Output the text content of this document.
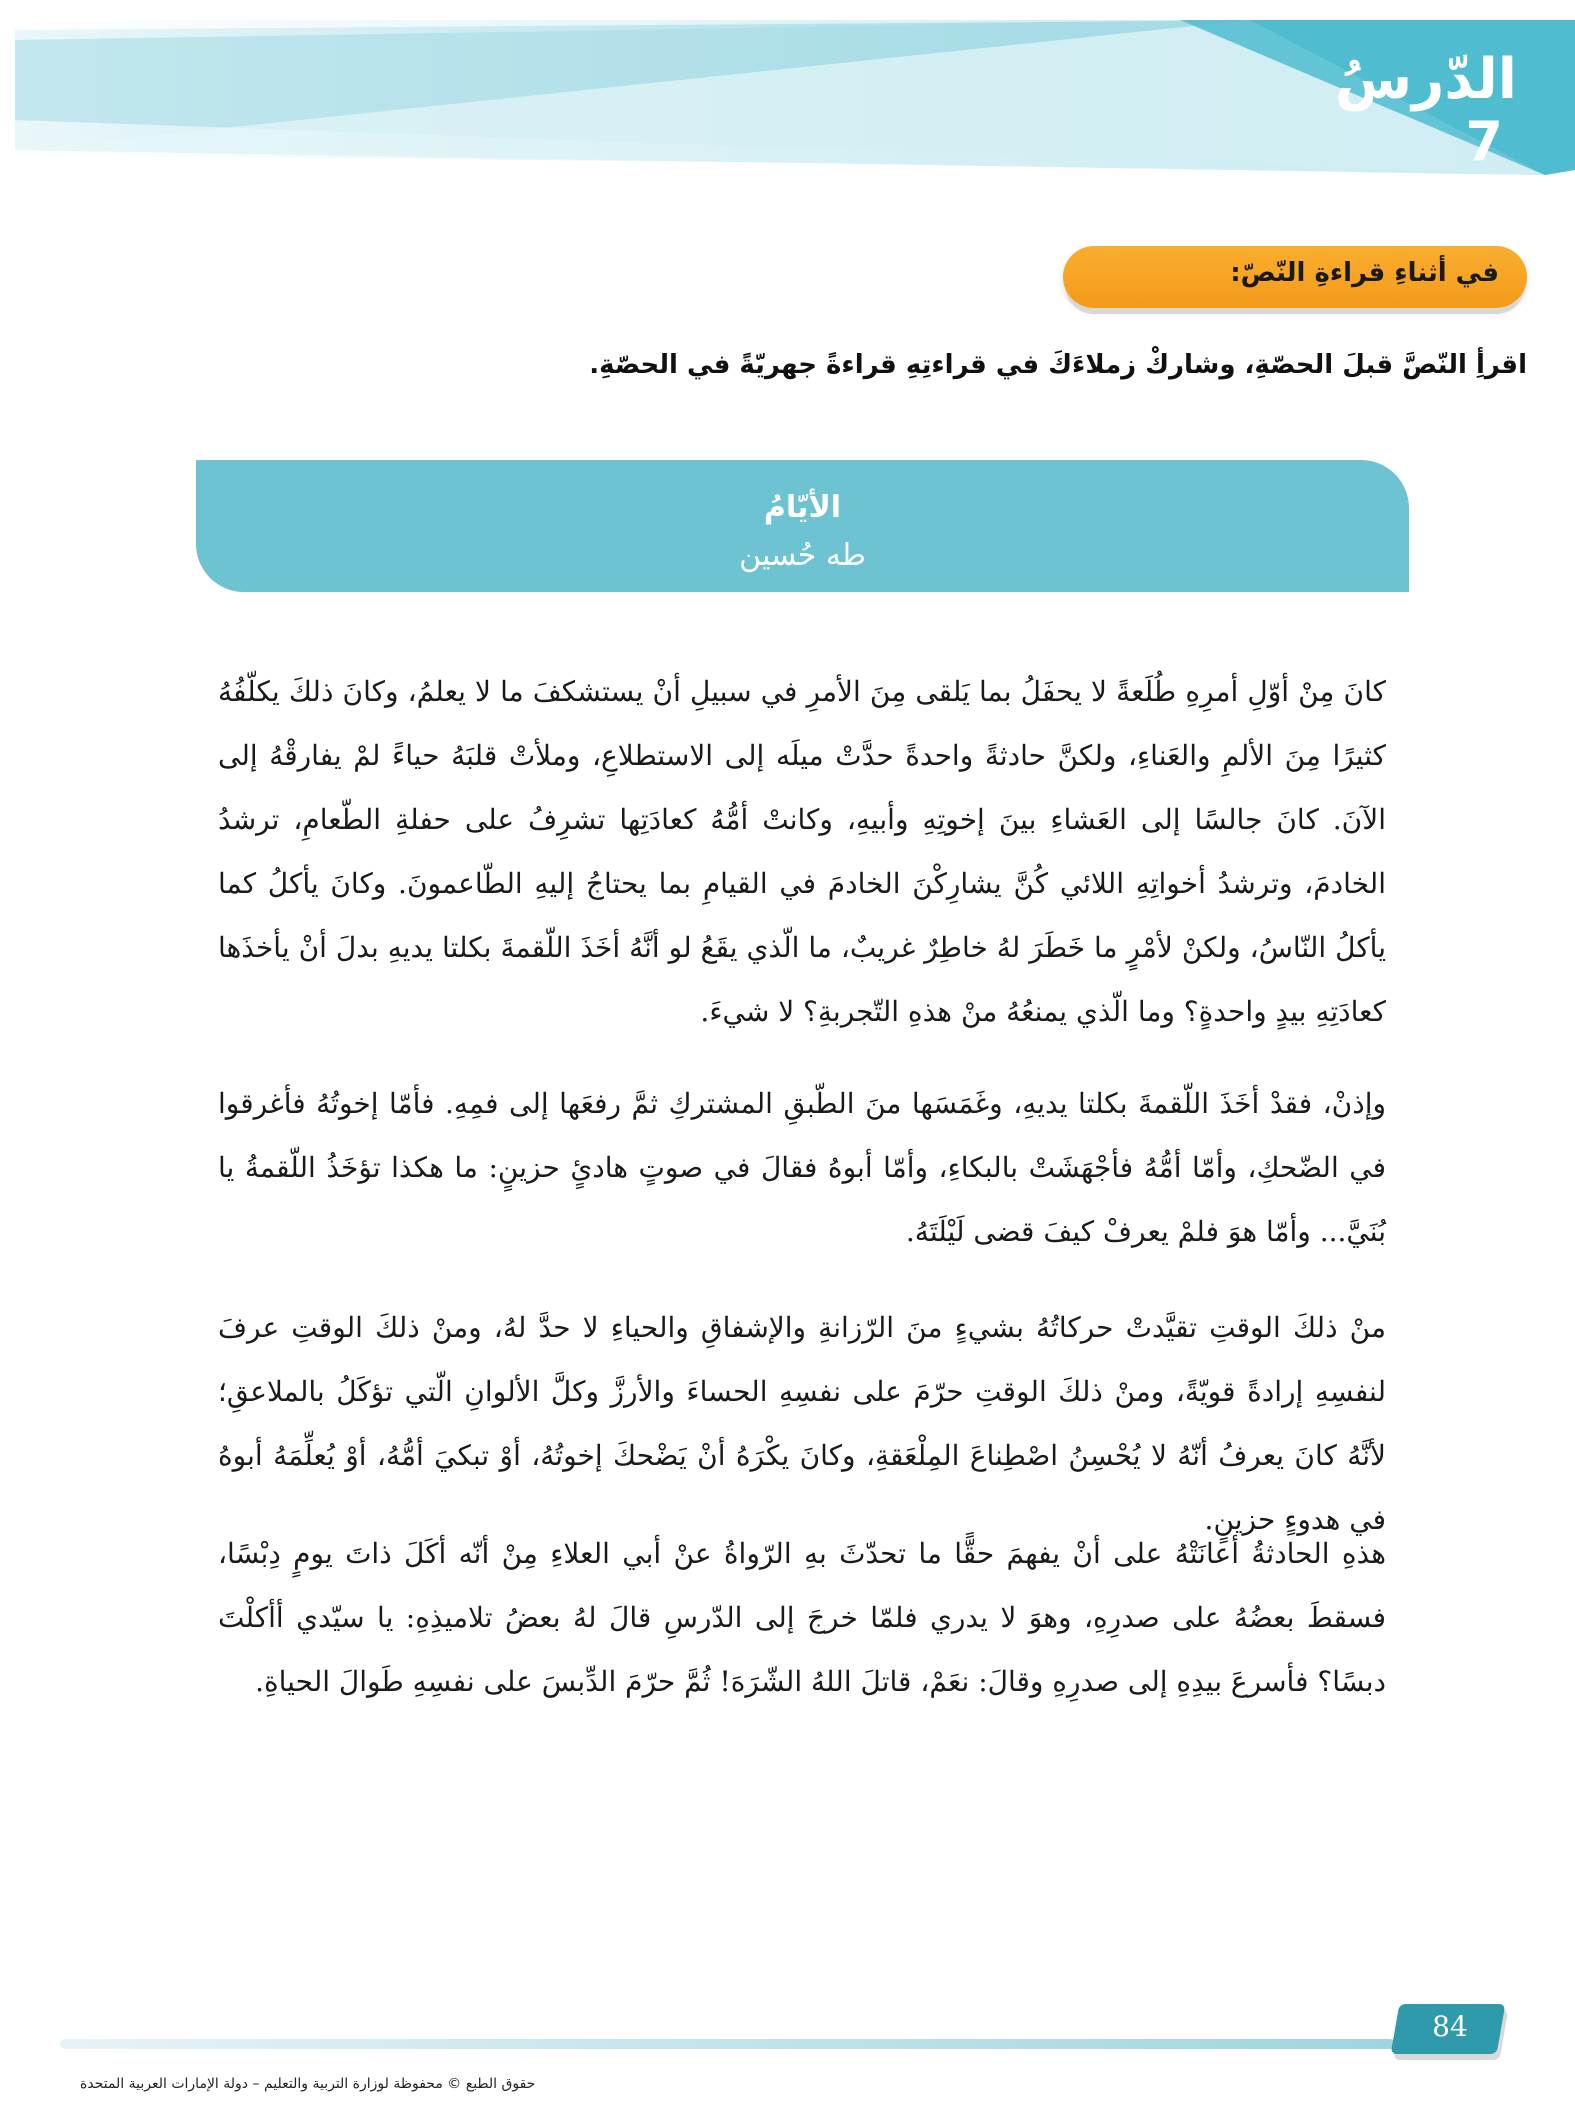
الدّرسُ
7
في أثناءِ قراءةِ النّصّ:
اقرأِ النّصَّ قبلَ الحصّةِ، وشاركْ زملاءَكَ في قراءتِهِ قراءةً جهريّةً في الحصّةِ.
الأيّامُ
طه حُسين

كانَ مِنْ أوّلِ أمرِهِ طُلَعةً لا يحفَلُ بما يَلقى مِنَ الأمرِ في سبيلِ أنْ يستشكفَ ما لا يعلمُ، وكانَ ذلكَ يكلّفُهُ كثيرًا مِنَ الألمِ والعَناءِ، ولكنَّ حادثةً واحدةً حدَّتْ ميلَه إلى الاستطلاعِ، وملأتْ قلبَهُ حياءً لمْ يفارقْهُ إلى الآنَ. كانَ جالسًا إلى العَشاءِ بينَ إخوتِهِ وأبيهِ، وكانتْ أمُّهُ كعادَتِها تشرِفُ على حفلةِ الطّعامِ، ترشدُ الخادمَ، وترشدُ أخواتِهِ اللائي كُنَّ يشارِكْنَ الخادمَ في القيامِ بما يحتاجُ إليهِ الطّاعمونَ. وكانَ يأكلُ كما يأكلُ النّاسُ، ولكنْ لأمْرٍ ما خَطَرَ لهُ خاطِرٌ غريبٌ، ما الّذي يقَعُ لو أنَّهُ أخَذَ اللّقمةَ بكلتا يديهِ بدلَ أنْ يأخذَها كعادَتِهِ بيدٍ واحدةٍ؟ وما الّذي يمنعُهُ منْ هذهِ التّجربةِ؟ لا شيءَ.

وإذنْ، فقدْ أخَذَ اللّقمةَ بكلتا يديهِ، وغَمَسَها منَ الطّبقِ المشتركِ ثمَّ رفعَها إلى فمِهِ. فأمّا إخوتُهُ فأغرقوا في الضّحكِ، وأمّا أمُّهُ فأجْهَشَتْ بالبكاءِ، وأمّا أبوهُ فقالَ في صوتٍ هادئٍ حزينٍ: ما هكذا تؤخَذُ اللّقمةُ يا بُنَيَّ... وأمّا هوَ فلمْ يعرفْ كيفَ قضى لَيْلَتَهُ.

منْ ذلكَ الوقتِ تقيَّدتْ حركاتُهُ بشيءٍ منَ الرّزانةِ والإشفاقِ والحياءِ لا حدَّ لهُ، ومنْ ذلكَ الوقتِ عرفَ لنفسِهِ إرادةً قويّةً، ومنْ ذلكَ الوقتِ حرّمَ على نفسِهِ الحساءَ والأرزَّ وكلَّ الألوانِ الّتي تؤكَلُ بالملاعقِ؛ لأنَّهُ كانَ يعرفُ أنّهُ لا يُحْسِنُ اصْطِناعَ المِلْعَقةِ، وكانَ يكْرَهُ أنْ يَضْحكَ إخوتُهُ، أوْ تبكيَ أمُّهُ، أوْ يُعلِّمَهُ أبوهُ في هدوءٍ حزينٍ.

هذهِ الحادثةُ أعانَتْهُ على أنْ يفهمَ حقًّا ما تحدّثَ بهِ الرّواةُ عنْ أبي العلاءِ مِنْ أنّه أكَلَ ذاتَ يومٍ دِبْسًا، فسقطَ بعضُهُ على صدرِهِ، وهوَ لا يدري فلمّا خرجَ إلى الدّرسِ قالَ لهُ بعضُ تلاميذِهِ: يا سيّدي أأكلْتَ دبسًا؟ فأسرعَ بيدِهِ إلى صدرِهِ وقالَ: نعَمْ، قاتلَ اللهُ الشّرَهَ! ثُمَّ حرّمَ الدِّبسَ على نفسِهِ طَوالَ الحياةِ.

84
حقوق الطبع © محفوظة لوزارة التربية والتعليم – دولة الإمارات العربية المتحدة
